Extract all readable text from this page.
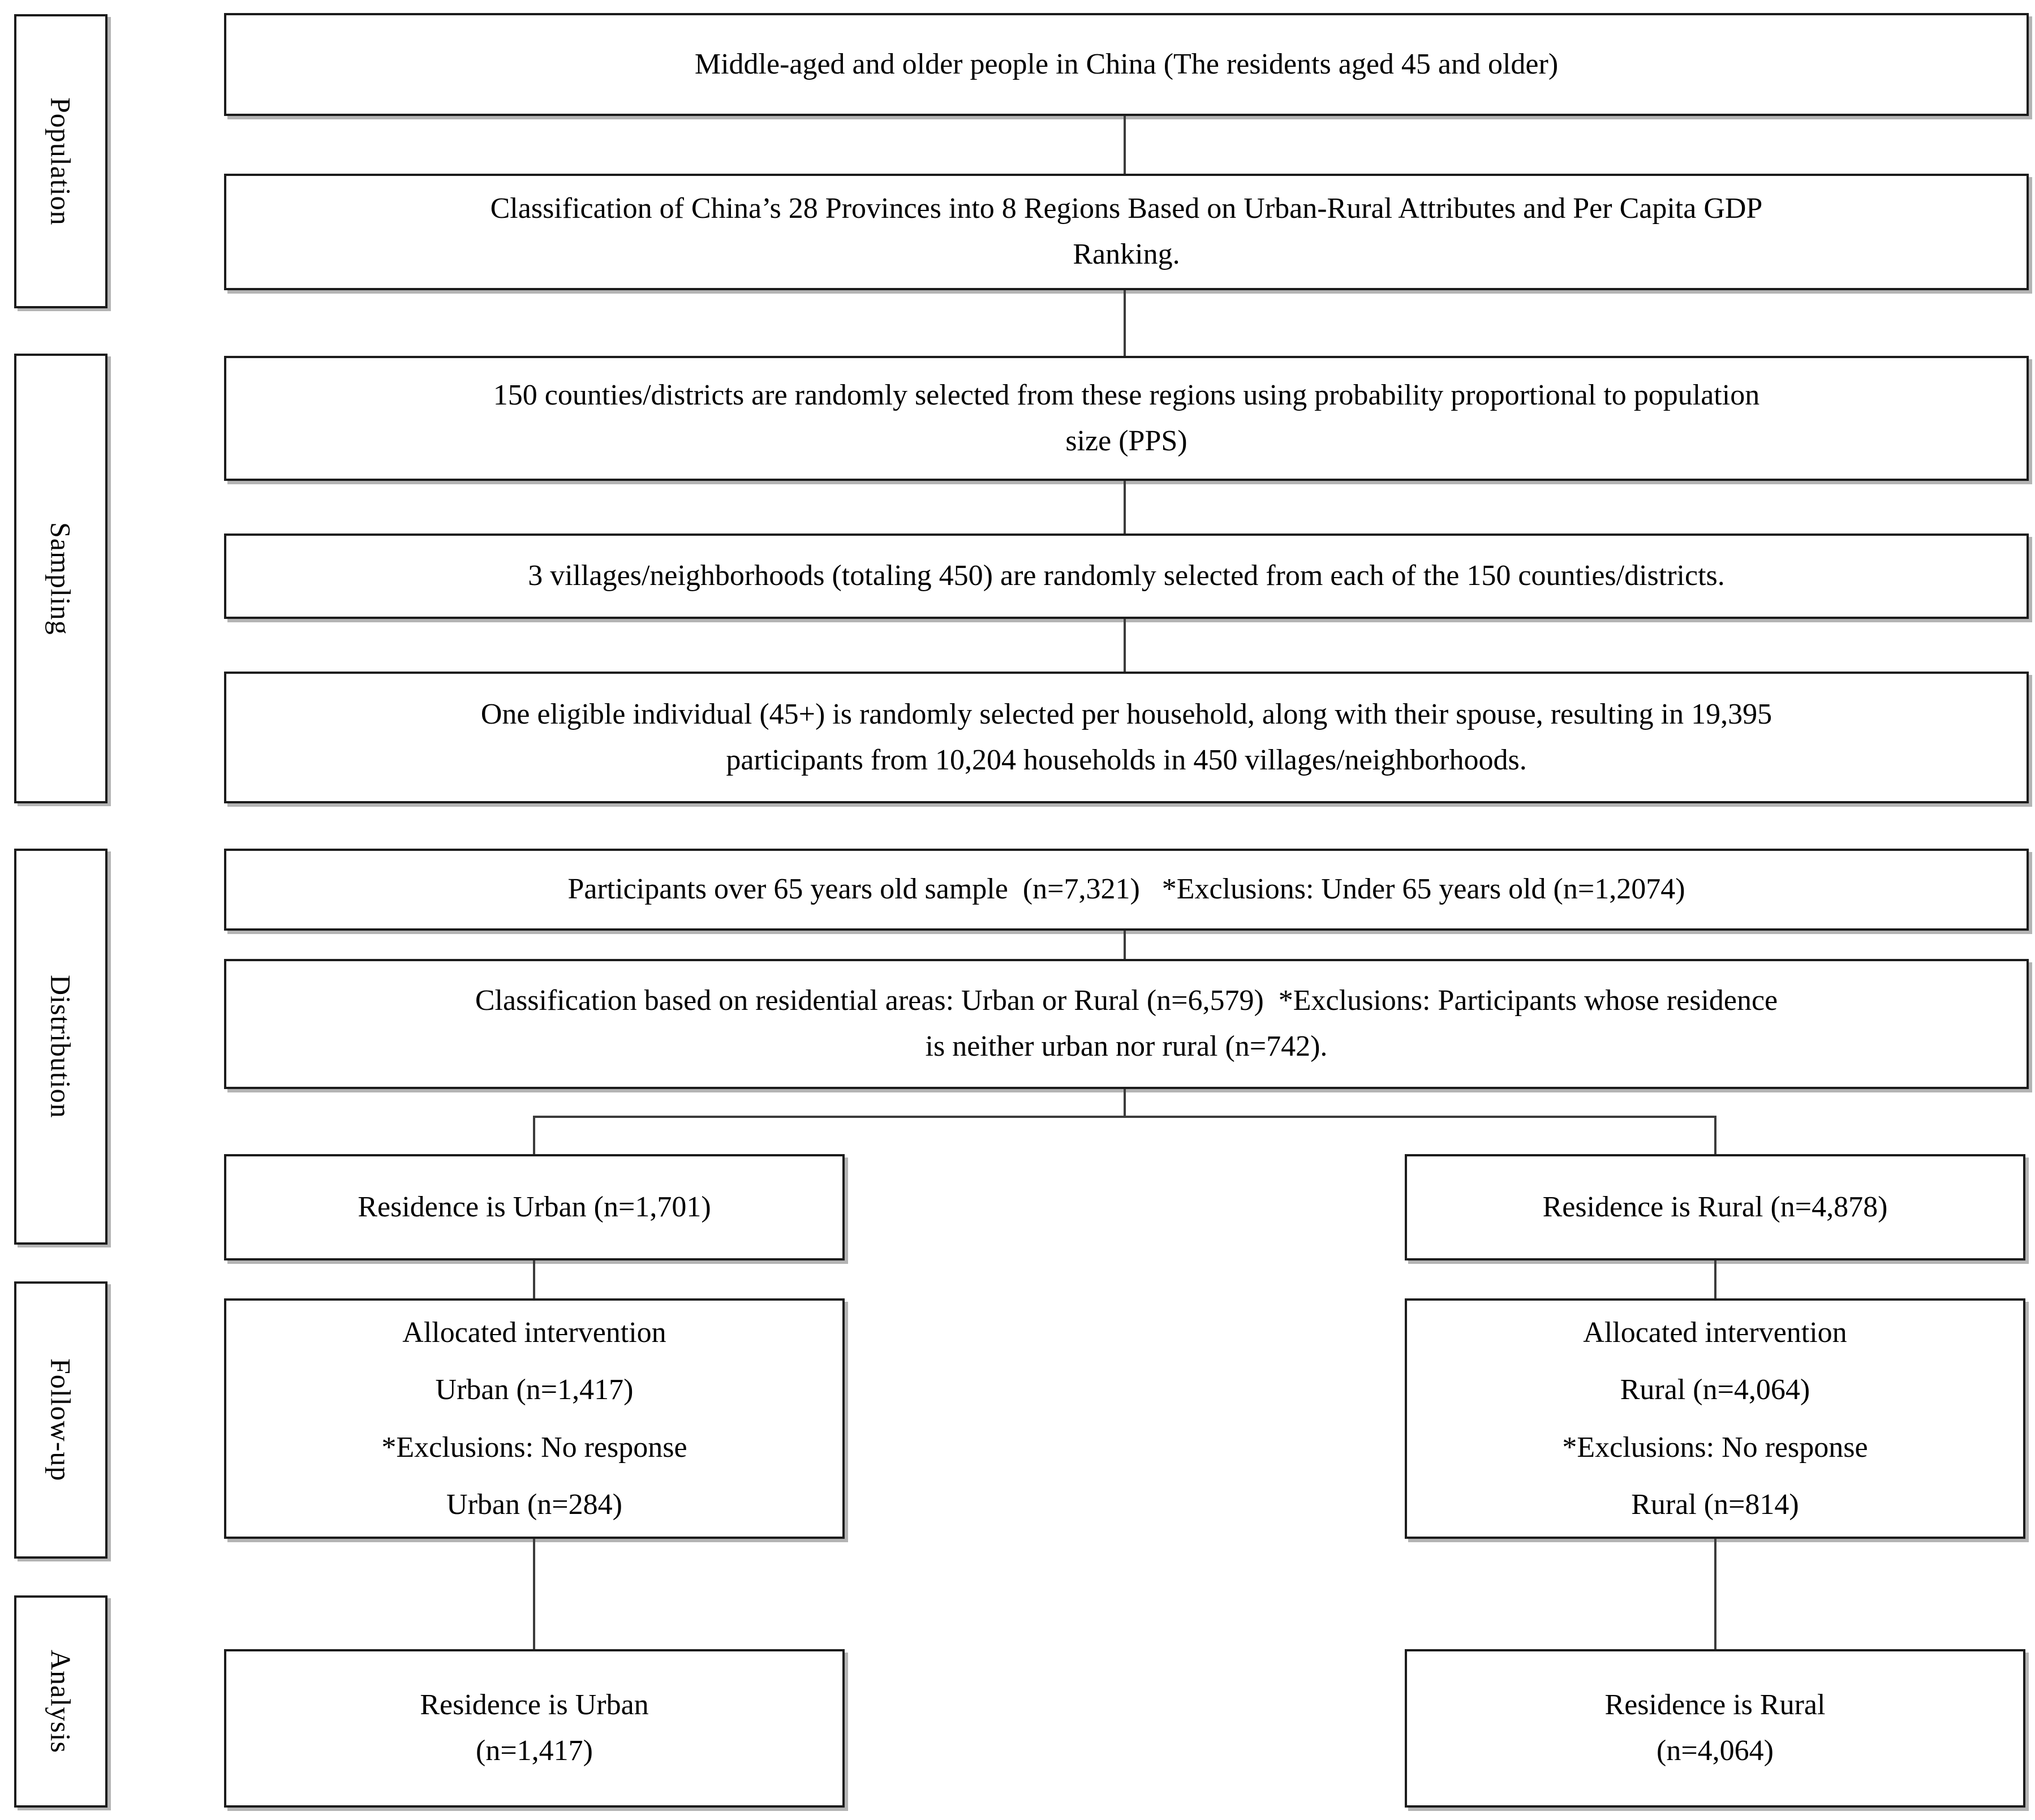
Population
Sampling
Distribution
Follow-up
Analysis
Middle-aged and older people in China (The residents aged 45 and older)
Classification of China’s 28 Provinces into 8 Regions Based on Urban-Rural Attributes and Per Capita GDP
Ranking.
150 counties/districts are randomly selected from these regions using probability proportional to population
size (PPS)
3 villages/neighborhoods (totaling 450) are randomly selected from each of the 150 counties/districts.
One eligible individual (45+) is randomly selected per household, along with their spouse, resulting in 19,395
participants from 10,204 households in 450 villages/neighborhoods.
Participants over 65 years old sample  (n=7,321)   *Exclusions: Under 65 years old (n=1,2074)
Classification based on residential areas: Urban or Rural (n=6,579)  *Exclusions: Participants whose residence
is neither urban nor rural (n=742).
Residence is Urban (n=1,701)
Allocated intervention
Urban (n=1,417)
*Exclusions: No response
Urban (n=284)
Residence is Urban
(n=1,417)
Residence is Rural (n=4,878)
Allocated intervention
Rural (n=4,064)
*Exclusions: No response
Rural (n=814)
Residence is Rural
(n=4,064)
